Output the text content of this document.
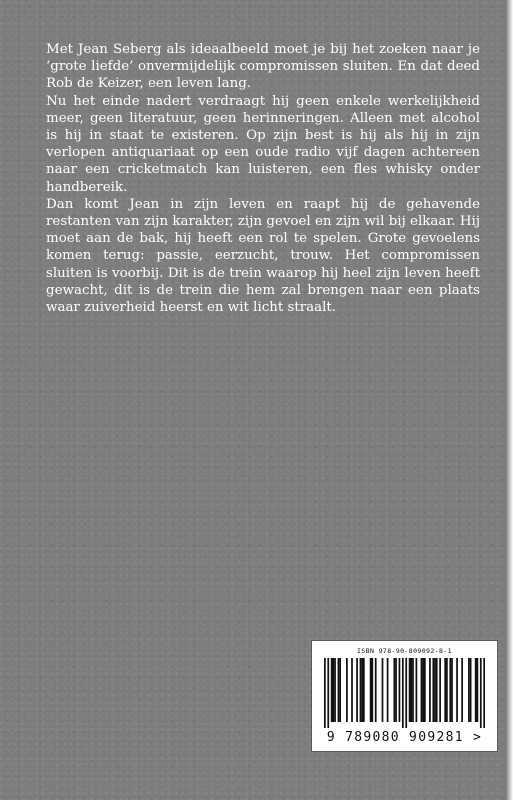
Met Jean Seberg als ideaalbeeld moet je bij het zoeken naar je ‘grote liefde’ onvermijdelijk compromissen sluiten. En dat deed Rob de Keizer, een leven lang.

Nu het einde nadert verdraagt hij geen enkele werkelijkheid meer, geen literatuur, geen herinneringen. Alleen met alcohol is hij in staat te existeren. Op zijn best is hij als hij in zijn verlopen antiquariaat op een oude radio vijf dagen achtereen naar een cricketmatch kan luisteren, een fles whisky onder handbereik.

Dan komt Jean in zijn leven en raapt hij de gehavende restanten van zijn karakter, zijn gevoel en zijn wil bij elkaar. Hij moet aan de bak, hij heeft een rol te spelen. Grote gevoelens komen terug: passie, eerzucht, trouw. Het compromissen sluiten is voorbij. Dit is de trein waarop hij heel zijn leven heeft gewacht, dit is de trein die hem zal brengen naar een plaats waar zuiverheid heerst en wit licht straalt.

ISBN 978-90-809092-8-1
9 789080 909281 >
